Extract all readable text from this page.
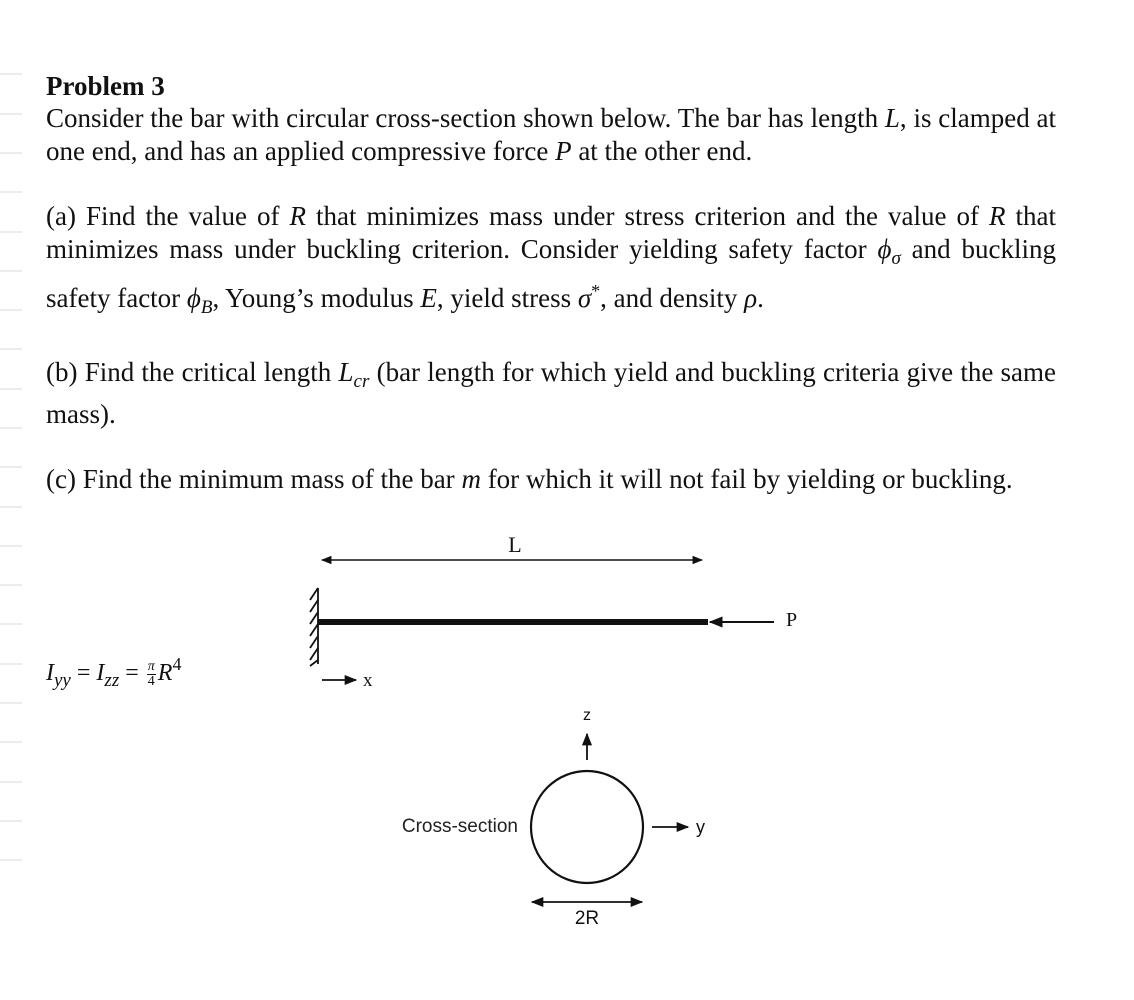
Problem 3

Consider the bar with circular cross-section shown below. The bar has length L, is clamped at one end, and has an applied compressive force P at the other end.

(a) Find the value of R that minimizes mass under stress criterion and the value of R that minimizes mass under buckling criterion. Consider yielding safety factor $\phi_\sigma$ and buckling safety factor $\phi_B$, Young’s modulus E, yield stress σ*, and density ρ.

(b) Find the critical length $L_{cr}$ (bar length for which yield and buckling criteria give the same mass).

(c) Find the minimum mass of the bar m for which it will not fail by yielding or buckling.

$I_{yy} = I_{zz} = \frac{\pi}{4} R^4$
L
P
x
z
Cross-section	y
2R
